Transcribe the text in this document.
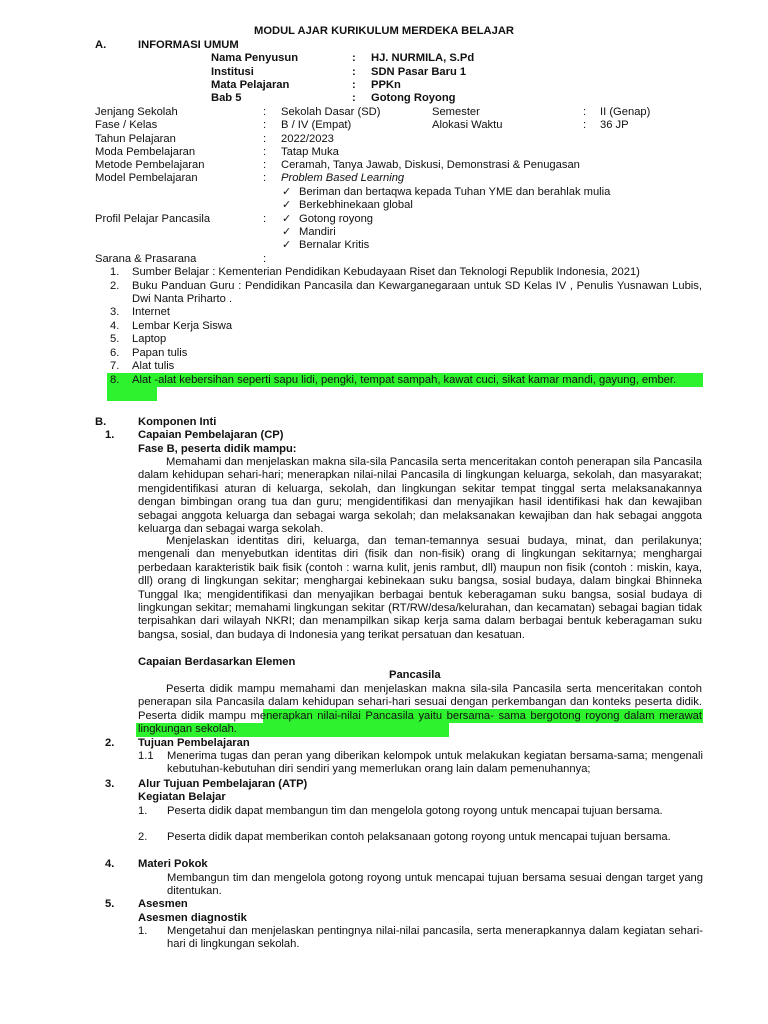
MODUL AJAR KURIKULUM MERDEKA BELAJAR
A.	INFORMASI UMUM
Nama Penyusun	: HJ. NURMILA, S.Pd
Institusi	: SDN Pasar Baru 1
Mata Pelajaran	: PPKn
Bab 5	: Gotong Royong
Jenjang Sekolah	: Sekolah Dasar (SD)	Semester	: II (Genap)
Fase / Kelas	: B / IV (Empat)	Alokasi Waktu	: 36 JP
Tahun Pelajaran	: 2022/2023
Moda Pembelajaran	: Tatap Muka
Metode Pembelajaran	: Ceramah, Tanya Jawab, Diskusi, Demonstrasi & Penugasan
Model Pembelajaran	: Problem Based Learning
✓ Beriman dan bertaqwa kepada Tuhan YME dan berahlak mulia
✓ Berkebhinekaan global
Profil Pelajar Pancasila	: ✓ Gotong royong
✓ Mandiri
✓ Bernalar Kritis
Sarana & Prasarana	:
1. Sumber Belajar : Kementerian Pendidikan Kebudayaan Riset dan Teknologi Republik Indonesia, 2021)
2. Buku Panduan Guru : Pendidikan Pancasila dan Kewarganegaraan untuk SD Kelas IV , Penulis Yusnawan Lubis, Dwi Nanta Priharto .
3. Internet
4. Lembar Kerja Siswa
5. Laptop
6. Papan tulis
7. Alat tulis
8. Alat -alat kebersihan seperti sapu lidi, pengki, tempat sampah, kawat cuci, sikat kamar mandi, gayung, ember.
B.	Komponen Inti
1. Capaian Pembelajaran (CP)
Fase B, peserta didik mampu:
Memahami dan menjelaskan makna sila-sila Pancasila serta menceritakan contoh penerapan sila Pancasila dalam kehidupan sehari-hari; menerapkan nilai-nilai Pancasila di lingkungan keluarga, sekolah, dan masyarakat; mengidentifikasi aturan di keluarga, sekolah, dan lingkungan sekitar tempat tinggal serta melaksanakannya dengan bimbingan orang tua dan guru; mengidentifikasi dan menyajikan hasil identifikasi hak dan kewajiban sebagai anggota keluarga dan sebagai warga sekolah; dan melaksanakan kewajiban dan hak sebagai anggota keluarga dan sebagai warga sekolah.
Menjelaskan identitas diri, keluarga, dan teman-temannya sesuai budaya, minat, dan perilakunya; mengenali dan menyebutkan identitas diri (fisik dan non-fisik) orang di lingkungan sekitarnya; menghargai perbedaan karakteristik baik fisik (contoh : warna kulit, jenis rambut, dll) maupun non fisik (contoh : miskin, kaya, dll) orang di lingkungan sekitar; menghargai kebinekaan suku bangsa, sosial budaya, dalam bingkai Bhinneka Tunggal Ika; mengidentifikasi dan menyajikan berbagai bentuk keberagaman suku bangsa, sosial budaya di lingkungan sekitar; memahami lingkungan sekitar (RT/RW/desa/kelurahan, dan kecamatan) sebagai bagian tidak terpisahkan dari wilayah NKRI; dan menampilkan sikap kerja sama dalam berbagai bentuk keberagaman suku bangsa, sosial, dan budaya di Indonesia yang terikat persatuan dan kesatuan.
Capaian Berdasarkan Elemen
Pancasila
Peserta didik mampu memahami dan menjelaskan makna sila-sila Pancasila serta menceritakan contoh penerapan sila Pancasila dalam kehidupan sehari-hari sesuai dengan perkembangan dan konteks peserta didik. Peserta didik mampu menerapkan nilai-nilai Pancasila yaitu bersama- sama bergotong royong dalam merawat lingkungan sekolah.
2. Tujuan Pembelajaran
1.1 Menerima tugas dan peran yang diberikan kelompok untuk melakukan kegiatan bersama-sama; mengenali kebutuhan-kebutuhan diri sendiri yang memerlukan orang lain dalam pemenuhannya;
3. Alur Tujuan Pembelajaran (ATP)
Kegiatan Belajar
1. Peserta didik dapat membangun tim dan mengelola gotong royong untuk mencapai tujuan bersama.
2. Peserta didik dapat memberikan contoh pelaksanaan gotong royong untuk mencapai tujuan bersama.
4. Materi Pokok
Membangun tim dan mengelola gotong royong untuk mencapai tujuan bersama sesuai dengan target yang ditentukan.
5. Asesmen
Asesmen diagnostik
1. Mengetahui dan menjelaskan pentingnya nilai-nilai pancasila, serta menerapkannya dalam kegiatan sehari-hari di lingkungan sekolah.
